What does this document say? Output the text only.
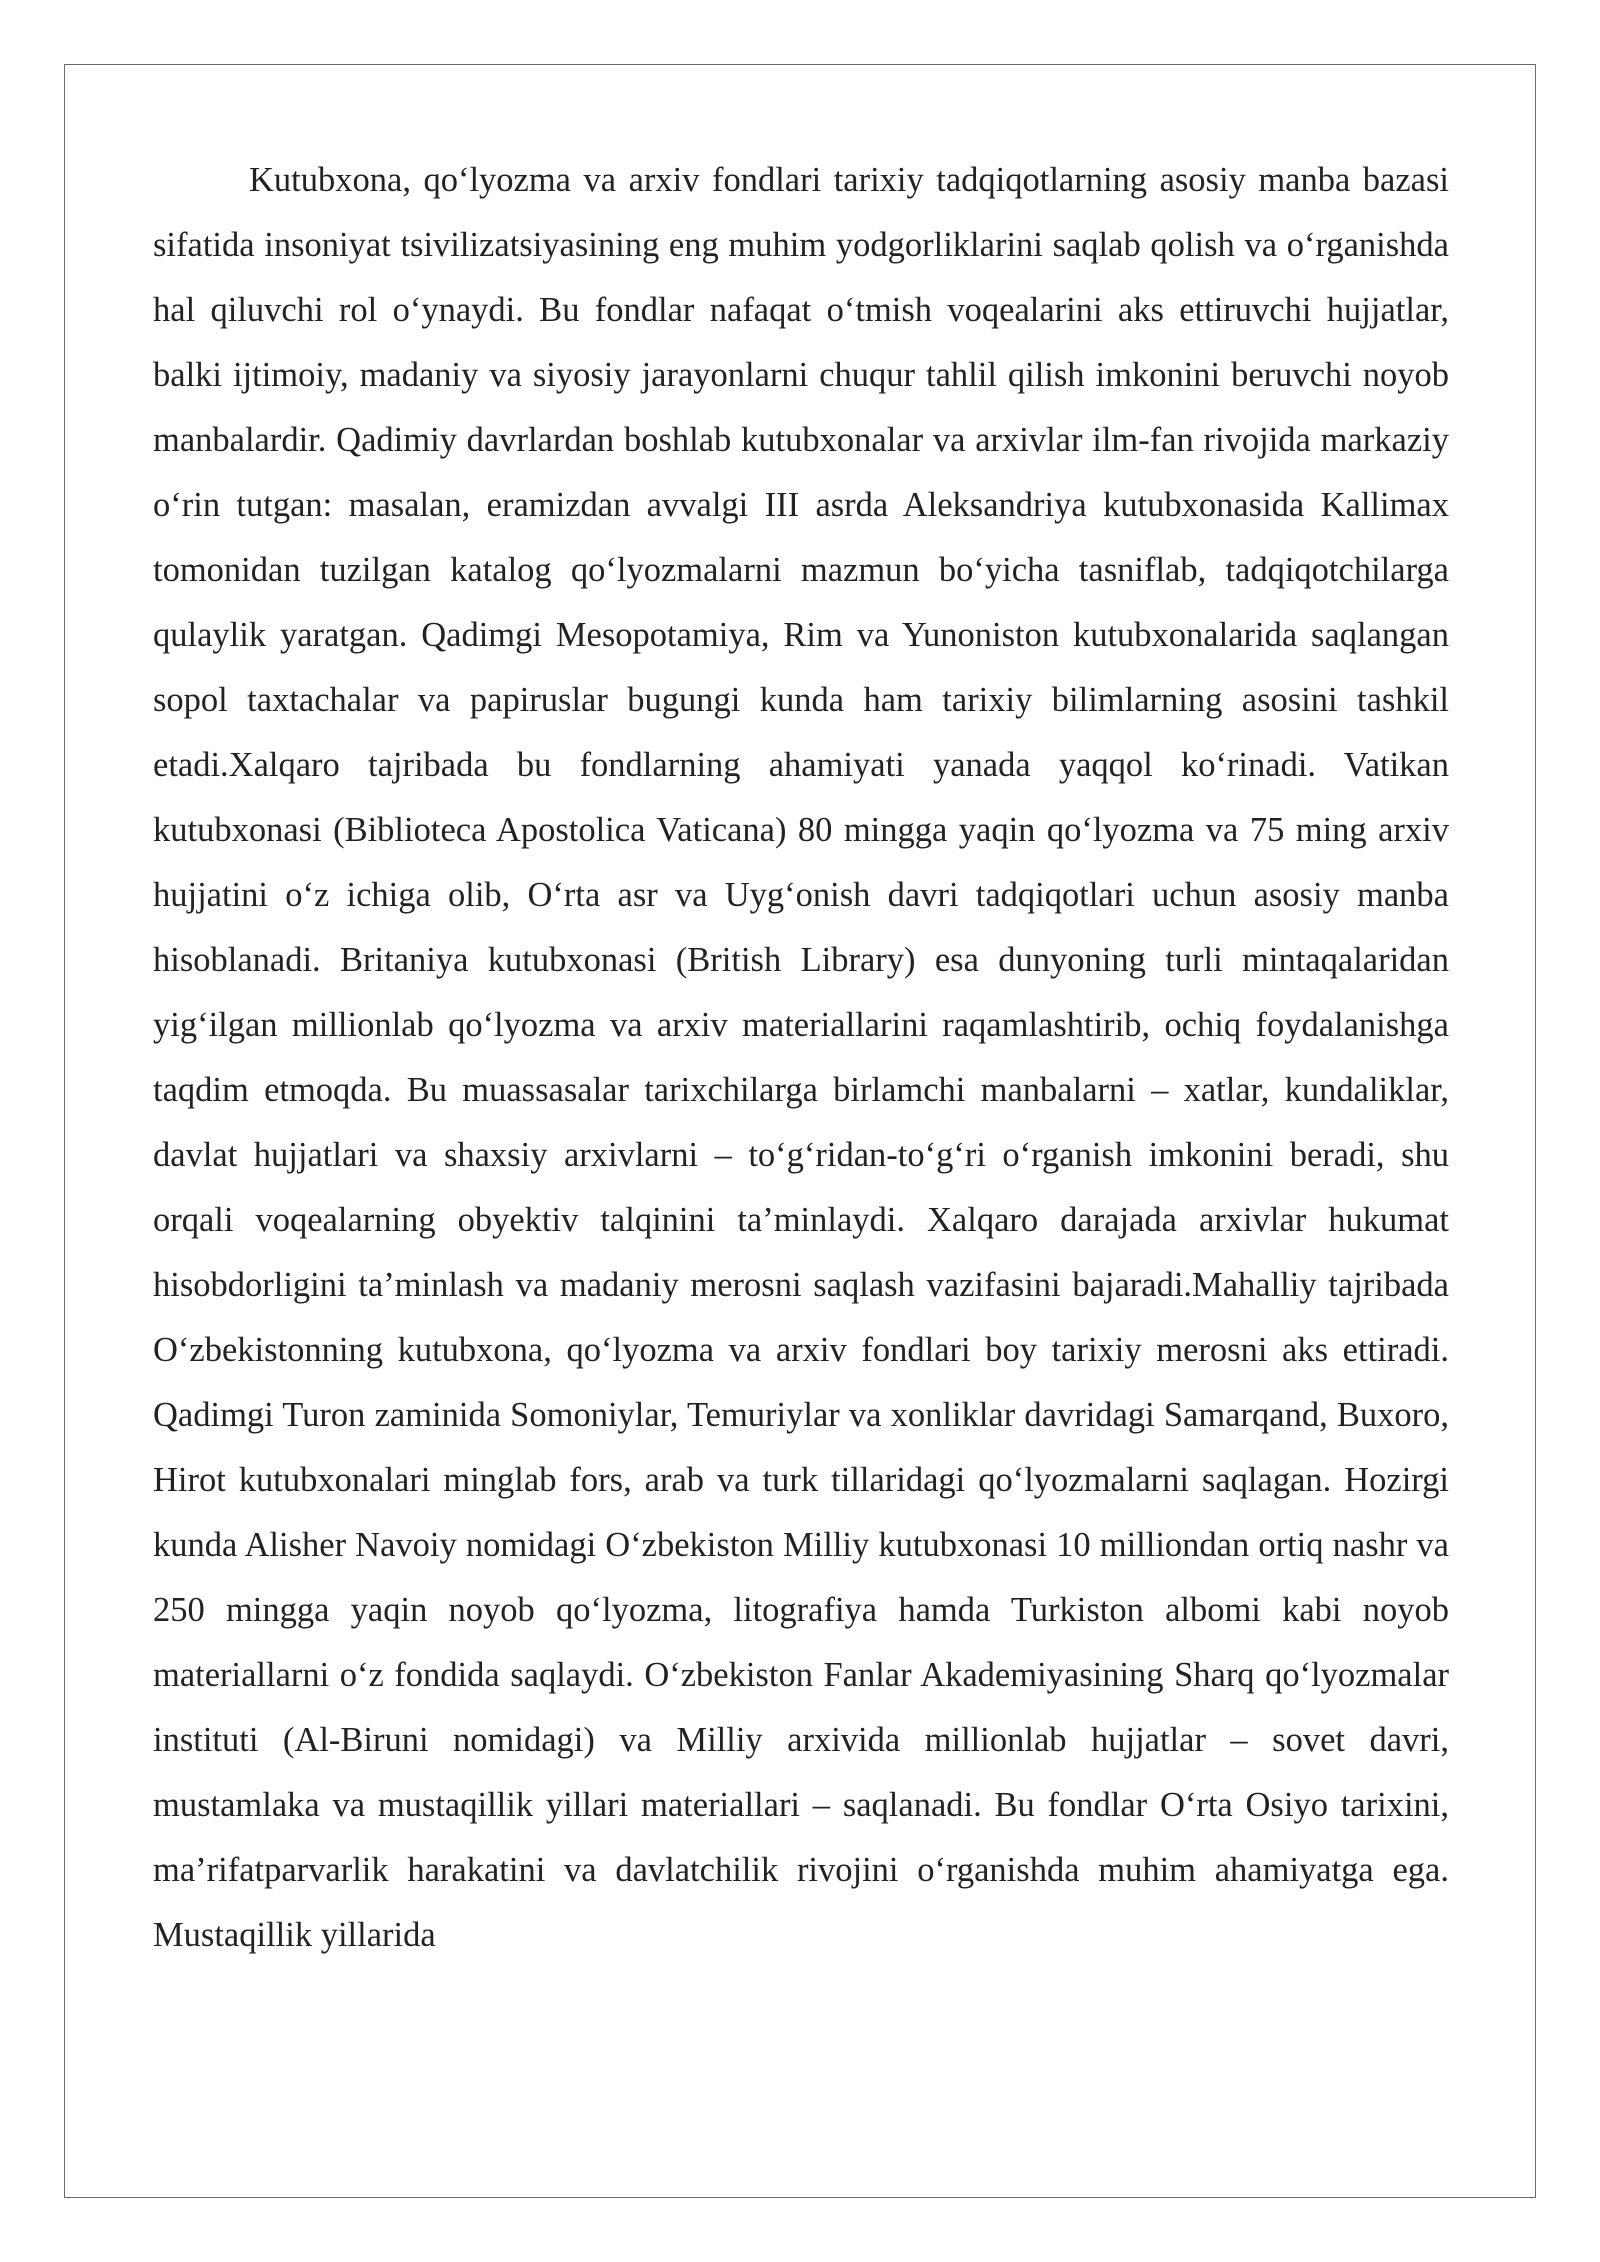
Kutubxona, qo‘lyozma va arxiv fondlari tarixiy tadqiqotlarning asosiy manba bazasi sifatida insoniyat tsivilizatsiyasining eng muhim yodgorliklarini saqlab qolish va o‘rganishda hal qiluvchi rol o‘ynaydi. Bu fondlar nafaqat o‘tmish voqealarini aks ettiruvchi hujjatlar, balki ijtimoiy, madaniy va siyosiy jarayonlarni chuqur tahlil qilish imkonini beruvchi noyob manbalardir. Qadimiy davrlardan boshlab kutubxonalar va arxivlar ilm-fan rivojida markaziy o‘rin tutgan: masalan, eramizdan avvalgi III asrda Aleksandriya kutubxonasida Kallimax tomonidan tuzilgan katalog qo‘lyozmalarni mazmun bo‘yicha tasniflab, tadqiqotchilarga qulaylik yaratgan. Qadimgi Mesopotamiya, Rim va Yunoniston kutubxonalarida saqlangan sopol taxtachalar va papiruslar bugungi kunda ham tarixiy bilimlarning asosini tashkil etadi.Xalqaro tajribada bu fondlarning ahamiyati yanada yaqqol ko‘rinadi. Vatikan kutubxonasi (Biblioteca Apostolica Vaticana) 80 mingga yaqin qo‘lyozma va 75 ming arxiv hujjatini o‘z ichiga olib, O‘rta asr va Uyg‘onish davri tadqiqotlari uchun asosiy manba hisoblanadi. Britaniya kutubxonasi (British Library) esa dunyoning turli mintaqalaridan yig‘ilgan millionlab qo‘lyozma va arxiv materiallarini raqamlashtirib, ochiq foydalanishga taqdim etmoqda. Bu muassasalar tarixchilarga birlamchi manbalarni – xatlar, kundaliklar, davlat hujjatlari va shaxsiy arxivlarni – to‘g‘ridan-to‘g‘ri o‘rganish imkonini beradi, shu orqali voqealarning obyektiv talqinini ta’minlaydi. Xalqaro darajada arxivlar hukumat hisobdorligini ta’minlash va madaniy merosni saqlash vazifasini bajaradi.Mahalliy tajribada O‘zbekistonning kutubxona, qo‘lyozma va arxiv fondlari boy tarixiy merosni aks ettiradi. Qadimgi Turon zaminida Somoniylar, Temuriylar va xonliklar davridagi Samarqand, Buxoro, Hirot kutubxonalari minglab fors, arab va turk tillaridagi qo‘lyozmalarni saqlagan. Hozirgi kunda Alisher Navoiy nomidagi O‘zbekiston Milliy kutubxonasi 10 milliondan ortiq nashr va 250 mingga yaqin noyob qo‘lyozma, litografiya hamda Turkiston albomi kabi noyob materiallarni o‘z fondida saqlaydi. O‘zbekiston Fanlar Akademiyasining Sharq qo‘lyozmalar instituti (Al-Biruni nomidagi) va Milliy arxivida millionlab hujjatlar – sovet davri, mustamlaka va mustaqillik yillari materiallari – saqlanadi. Bu fondlar O‘rta Osiyo tarixini, ma’rifatparvarlik harakatini va davlatchilik rivojini o‘rganishda muhim ahamiyatga ega. Mustaqillik yillarida
